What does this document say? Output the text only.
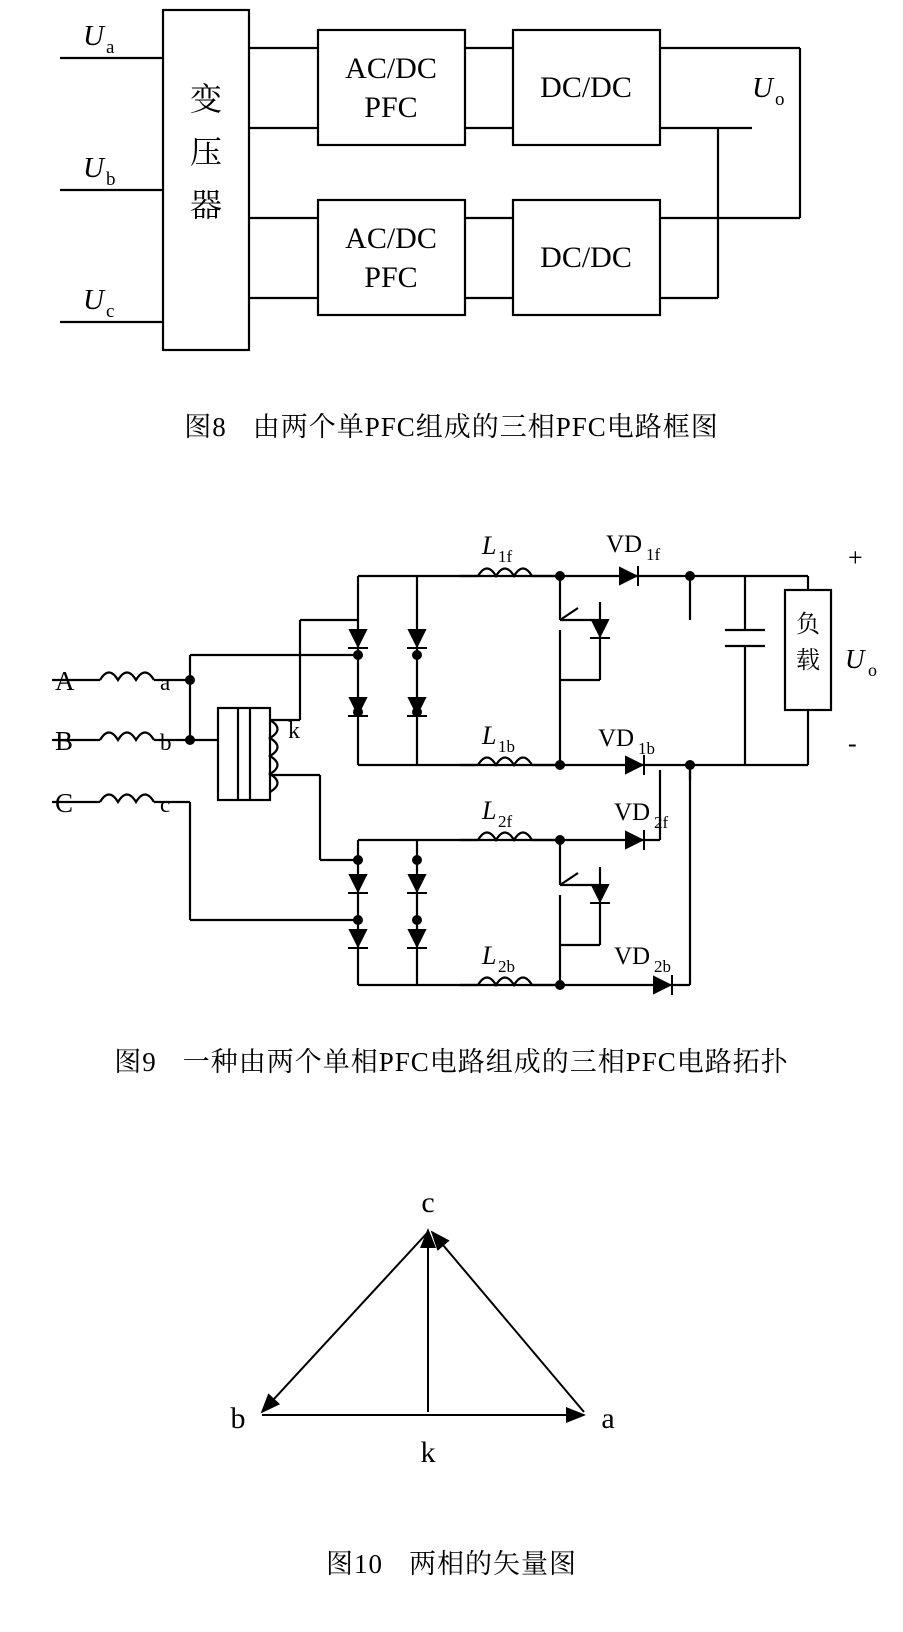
U a
U b
U c
变
压
器
AC/DC
PFC
DC/DC
AC/DC
PFC
DC/DC
U o
图8 由两个单PFC组成的三相PFC电路框图
A	a
B	b
C	c
k
L 1f
L 1b
L 2f
L 2b
VD 1f
VD 1b
VD 2f
VD 2b
负
载
+
-
U o
图9 一种由两个单相PFC电路组成的三相PFC电路拓扑
c
b	a
k
图10 两相的矢量图
